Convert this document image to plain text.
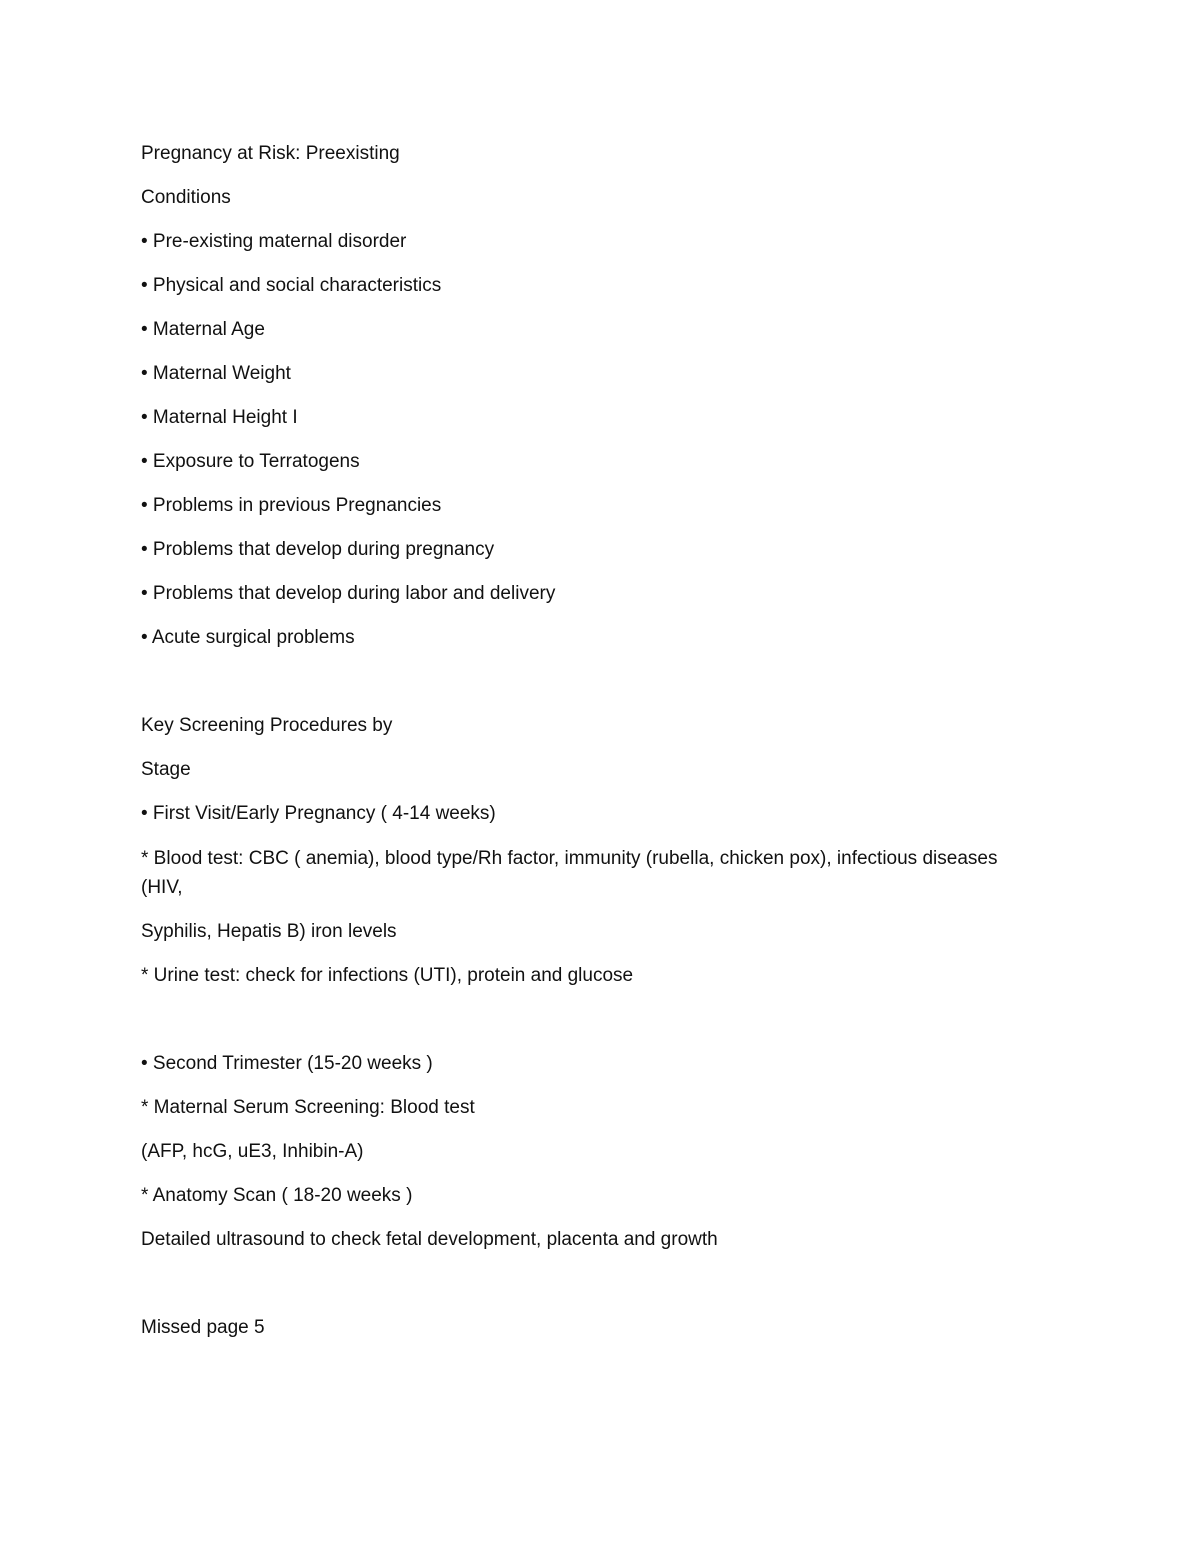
Pregnancy at Risk: Preexisting
Conditions
• Pre-existing maternal disorder
• Physical and social characteristics
• Maternal Age
• Maternal Weight
• Maternal Height I
• Exposure to Terratogens
• Problems in previous Pregnancies
• Problems that develop during pregnancy
• Problems that develop during labor and delivery
• Acute surgical problems
Key Screening Procedures by
Stage
• First Visit/Early Pregnancy ( 4-14 weeks)
* Blood test: CBC ( anemia), blood type/Rh factor, immunity (rubella, chicken pox), infectious diseases (HIV,
Syphilis, Hepatis B) iron levels
* Urine test: check for infections (UTI), protein and glucose
• Second Trimester (15-20 weeks )
* Maternal Serum Screening: Blood test
(AFP, hcG, uE3, Inhibin-A)
* Anatomy Scan ( 18-20 weeks )
Detailed ultrasound to check fetal development, placenta and growth
Missed page 5
